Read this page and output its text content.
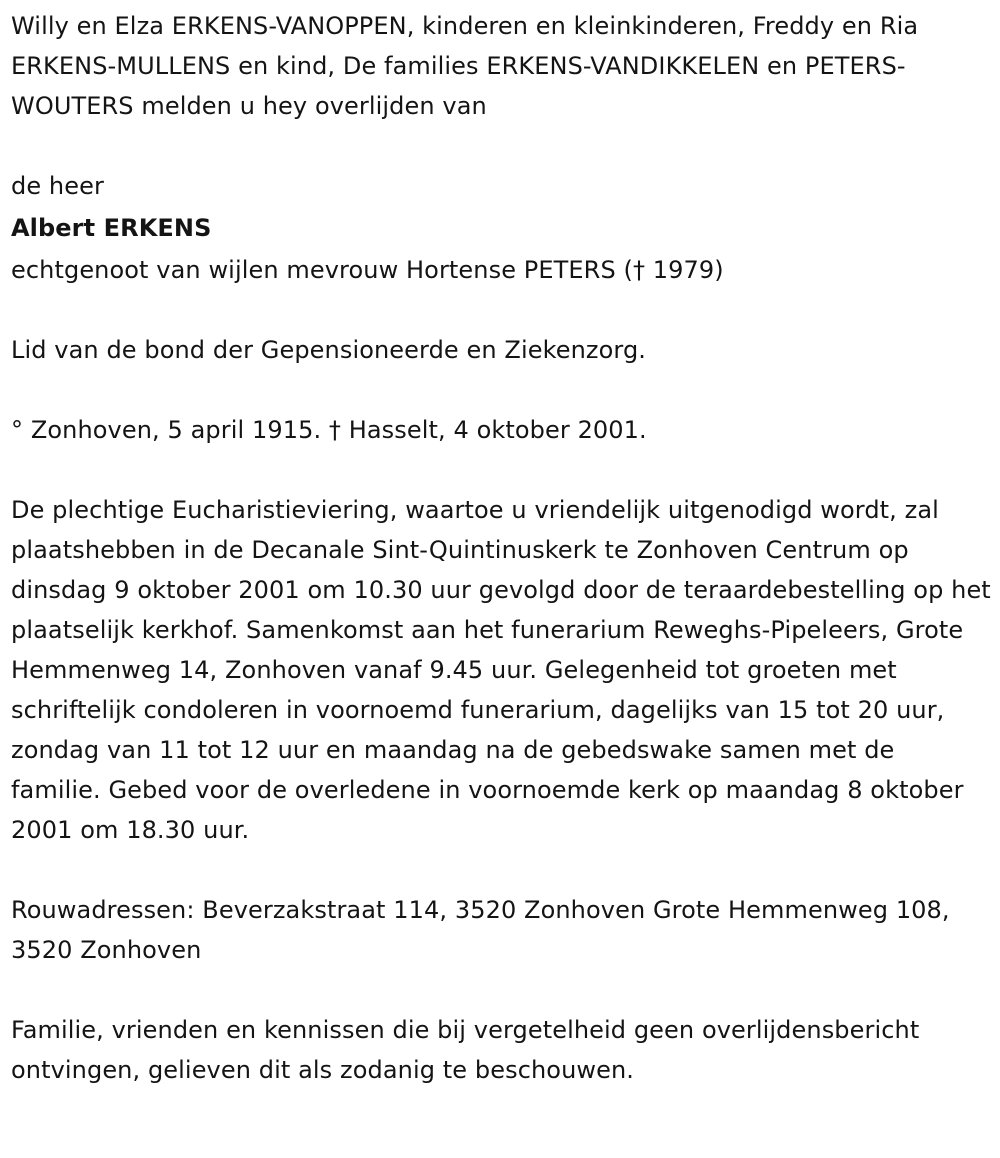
Willy en Elza ERKENS-VANOPPEN, kinderen en kleinkinderen, Freddy en Ria ERKENS-MULLENS en kind, De families ERKENS-VANDIKKELEN en PETERS-WOUTERS melden u hey overlijden van

de heer

Albert ERKENS

echtgenoot van wijlen mevrouw Hortense PETERS († 1979)

Lid van de bond der Gepensioneerde en Ziekenzorg.

° Zonhoven, 5 april 1915. † Hasselt, 4 oktober 2001.

De plechtige Eucharistieviering, waartoe u vriendelijk uitgenodigd wordt, zal plaatshebben in de Decanale Sint-Quintinuskerk te Zonhoven Centrum op dinsdag 9 oktober 2001 om 10.30 uur gevolgd door de teraardebestelling op het plaatselijk kerkhof. Samenkomst aan het funerarium Reweghs-Pipeleers, Grote Hemmenweg 14, Zonhoven vanaf 9.45 uur. Gelegenheid tot groeten met schriftelijk condoleren in voornoemd funerarium, dagelijks van 15 tot 20 uur, zondag van 11 tot 12 uur en maandag na de gebedswake samen met de familie. Gebed voor de overledene in voornoemde kerk op maandag 8 oktober 2001 om 18.30 uur.

Rouwadressen: Beverzakstraat 114, 3520 Zonhoven Grote Hemmenweg 108, 3520 Zonhoven

Familie, vrienden en kennissen die bij vergetelheid geen overlijdensbericht ontvingen, gelieven dit als zodanig te beschouwen.
